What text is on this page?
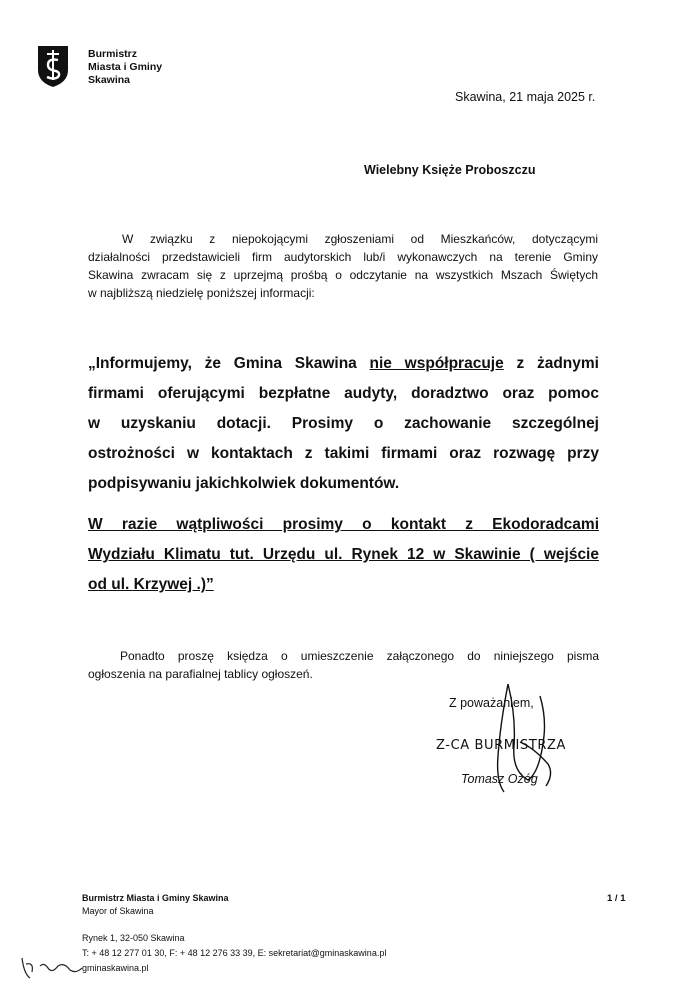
Burmistrz
Miasta i Gminy
Skawina
Skawina, 21 maja 2025 r.
Wielebny Księże Proboszczu
W związku z niepokojącymi zgłoszeniami od Mieszkańców, dotyczącymi
działalności przedstawicieli firm audytorskich lub/i wykonawczych na terenie Gminy
Skawina zwracam się z uprzejmą prośbą o odczytanie na wszystkich Mszach Świętych
w najbliższą niedzielę poniższej informacji:
„Informujemy, że Gmina Skawina nie współpracuje z żadnymi
firmami oferującymi bezpłatne audyty, doradztwo oraz pomoc
w uzyskaniu dotacji. Prosimy o zachowanie szczególnej
ostrożności w kontaktach z takimi firmami oraz rozwagę przy
podpisywaniu jakichkolwiek dokumentów.
W razie wątpliwości prosimy o kontakt z Ekodoradcami
Wydziału Klimatu tut. Urzędu ul. Rynek 12 w Skawinie ( wejście
od ul. Krzywej .)”
Ponadto proszę księdza o umieszczenie załączonego do niniejszego pisma
ogłoszenia na parafialnej tablicy ogłoszeń.
Z poważaniem,
Z-CA BURMISTRZA
Tomasz Ożóg
Burmistrz Miasta i Gminy Skawina
Mayor of Skawina
Rynek 1, 32-050 Skawina
T: + 48 12 277 01 30, F: + 48 12 276 33 39, E: sekretariat@gminaskawina.pl
gminaskawina.pl
1 / 1
